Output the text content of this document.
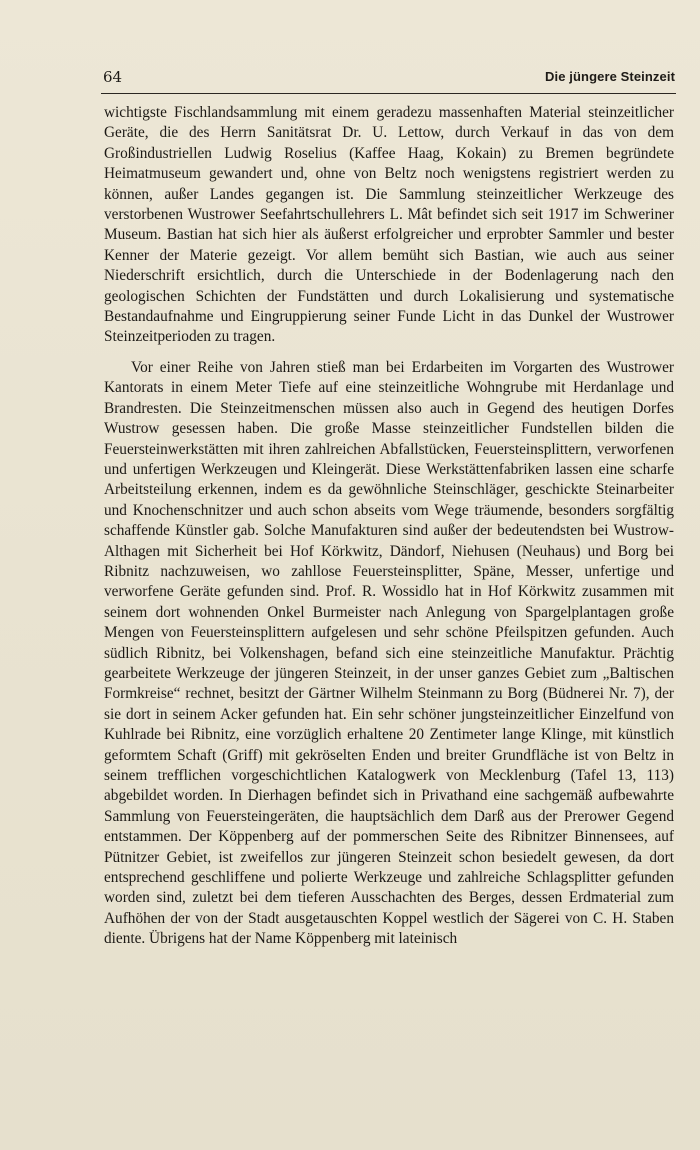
64	Die jüngere Steinzeit

wichtigste Fischlandsammlung mit einem geradezu massenhaften Material steinzeitlicher Geräte, die des Herrn Sanitätsrat Dr. U. Lettow, durch Verkauf in das von dem Großindustriellen Ludwig Roselius (Kaffee Haag, Kokain) zu Bremen begründete Heimatmuseum gewandert und, ohne von Beltz noch wenigstens registriert werden zu können, außer Landes gegangen ist. Die Sammlung steinzeitlicher Werkzeuge des verstorbenen Wustrower Seefahrtschullehrers L. Mât befindet sich seit 1917 im Schweriner Museum. Bastian hat sich hier als äußerst erfolgreicher und erprobter Sammler und bester Kenner der Materie gezeigt. Vor allem bemüht sich Bastian, wie auch aus seiner Niederschrift ersichtlich, durch die Unterschiede in der Bodenlagerung nach den geologischen Schichten der Fundstätten und durch Lokalisierung und systematische Bestandaufnahme und Eingruppierung seiner Funde Licht in das Dunkel der Wustrower Steinzeitperioden zu tragen.

Vor einer Reihe von Jahren stieß man bei Erdarbeiten im Vorgarten des Wustrower Kantorats in einem Meter Tiefe auf eine steinzeitliche Wohngrube mit Herdanlage und Brandresten. Die Steinzeitmenschen müssen also auch in Gegend des heutigen Dorfes Wustrow gesessen haben. Die große Masse steinzeitlicher Fundstellen bilden die Feuersteinwerkstätten mit ihren zahlreichen Abfallstücken, Feuersteinsplittern, verworfenen und unfertigen Werkzeugen und Kleingerät. Diese Werkstättenfabriken lassen eine scharfe Arbeitsteilung erkennen, indem es da gewöhnliche Steinschläger, geschickte Steinarbeiter und Knochenschnitzer und auch schon abseits vom Wege träumende, besonders sorgfältig schaffende Künstler gab. Solche Manufakturen sind außer der bedeutendsten bei Wustrow-Althagen mit Sicherheit bei Hof Körkwitz, Dändorf, Niehusen (Neuhaus) und Borg bei Ribnitz nachzuweisen, wo zahllose Feuersteinsplitter, Späne, Messer, unfertige und verworfene Geräte gefunden sind. Prof. R. Wossidlo hat in Hof Körkwitz zusammen mit seinem dort wohnenden Onkel Burmeister nach Anlegung von Spargelplantagen große Mengen von Feuersteinsplittern aufgelesen und sehr schöne Pfeilspitzen gefunden. Auch südlich Ribnitz, bei Volkenshagen, befand sich eine steinzeitliche Manufaktur. Prächtig gearbeitete Werkzeuge der jüngeren Steinzeit, in der unser ganzes Gebiet zum „Baltischen Formkreise“ rechnet, besitzt der Gärtner Wilhelm Steinmann zu Borg (Büdnerei Nr. 7), der sie dort in seinem Acker gefunden hat. Ein sehr schöner jungsteinzeitlicher Einzelfund von Kuhlrade bei Ribnitz, eine vorzüglich erhaltene 20 Zentimeter lange Klinge, mit künstlich geformtem Schaft (Griff) mit gekröselten Enden und breiter Grundfläche ist von Beltz in seinem trefflichen vorgeschichtlichen Katalogwerk von Mecklenburg (Tafel 13, 113) abgebildet worden. In Dierhagen befindet sich in Privathand eine sachgemäß aufbewahrte Sammlung von Feuersteingeräten, die hauptsächlich dem Darß aus der Prerower Gegend entstammen. Der Köppenberg auf der pommerschen Seite des Ribnitzer Binnensees, auf Pütnitzer Gebiet, ist zweifellos zur jüngeren Steinzeit schon besiedelt gewesen, da dort entsprechend geschliffene und polierte Werkzeuge und zahlreiche Schlagsplitter gefunden worden sind, zuletzt bei dem tieferen Ausschachten des Berges, dessen Erdmaterial zum Aufhöhen der von der Stadt ausgetauschten Koppel westlich der Sägerei von C. H. Staben diente. Übrigens hat der Name Köppenberg mit lateinisch
